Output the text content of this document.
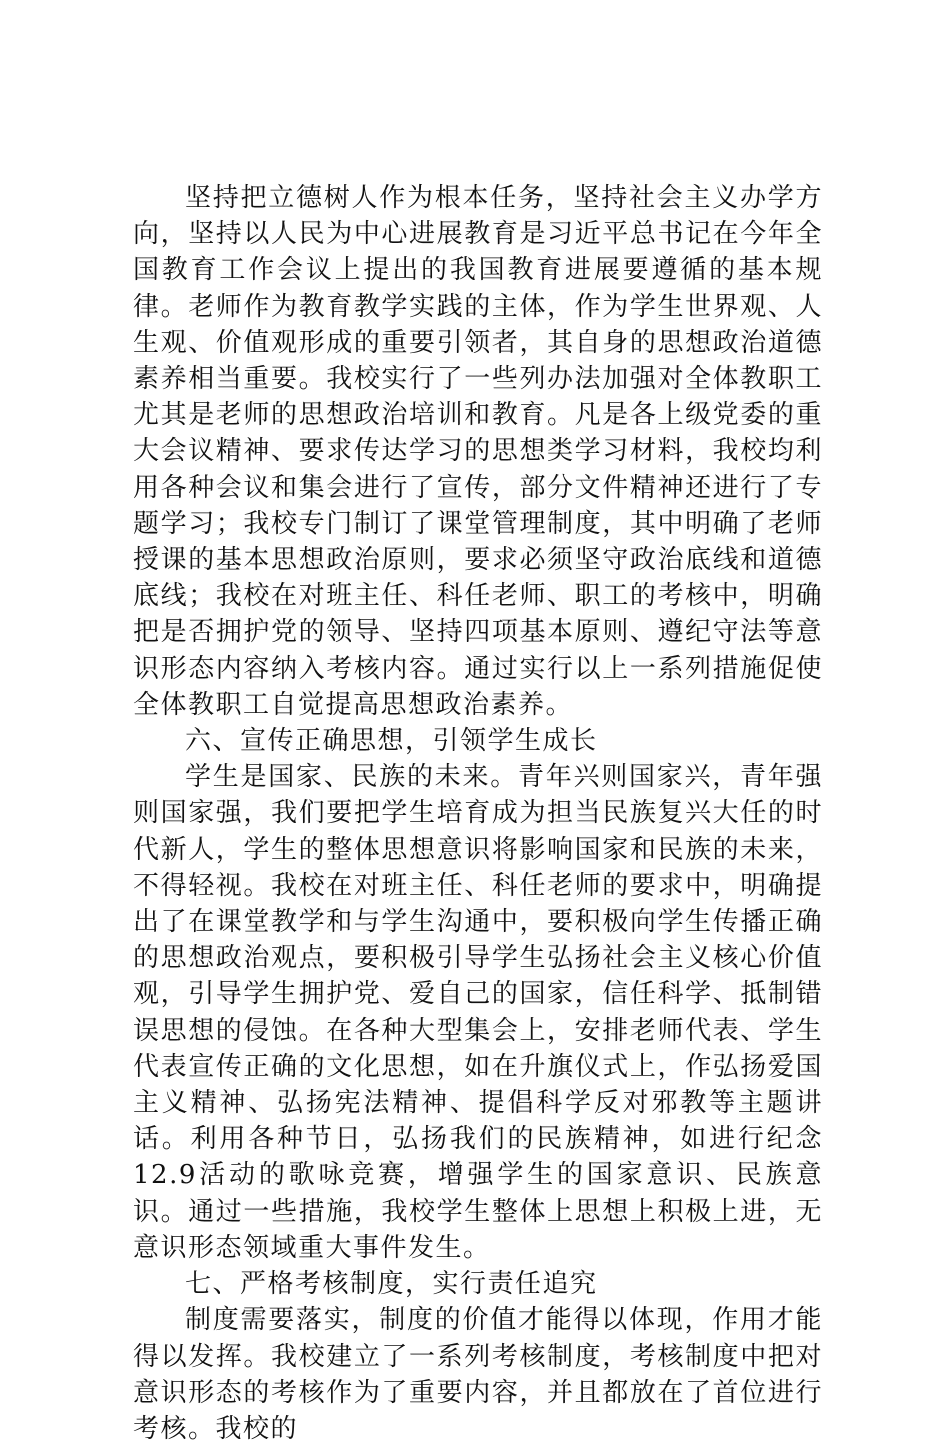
坚持把立德树人作为根本任务，坚持社会主义办学方向，坚持以人民为中心进展教育是习近平总书记在今年全国教育工作会议上提出的我国教育进展要遵循的基本规律。老师作为教育教学实践的主体，作为学生世界观、人生观、价值观形成的重要引领者，其自身的思想政治道德素养相当重要。我校实行了一些列办法加强对全体教职工尤其是老师的思想政治培训和教育。凡是各上级党委的重大会议精神、要求传达学习的思想类学习材料，我校均利用各种会议和集会进行了宣传，部分文件精神还进行了专题学习；我校专门制订了课堂管理制度，其中明确了老师授课的基本思想政治原则，要求必须坚守政治底线和道德底线；我校在对班主任、科任老师、职工的考核中，明确把是否拥护党的领导、坚持四项基本原则、遵纪守法等意识形态内容纳入考核内容。通过实行以上一系列措施促使全体教职工自觉提高思想政治素养。

六、宣传正确思想，引领学生成长

学生是国家、民族的未来。青年兴则国家兴，青年强则国家强，我们要把学生培育成为担当民族复兴大任的时代新人，学生的整体思想意识将影响国家和民族的未来，不得轻视。我校在对班主任、科任老师的要求中，明确提出了在课堂教学和与学生沟通中，要积极向学生传播正确的思想政治观点，要积极引导学生弘扬社会主义核心价值观，引导学生拥护党、爱自己的国家，信任科学、抵制错误思想的侵蚀。在各种大型集会上，安排老师代表、学生代表宣传正确的文化思想，如在升旗仪式上，作弘扬爱国主义精神、弘扬宪法精神、提倡科学反对邪教等主题讲话。利用各种节日，弘扬我们的民族精神，如进行纪念12.9活动的歌咏竞赛，增强学生的国家意识、民族意识。通过一些措施，我校学生整体上思想上积极上进，无意识形态领域重大事件发生。

七、严格考核制度，实行责任追究

制度需要落实，制度的价值才能得以体现，作用才能得以发挥。我校建立了一系列考核制度，考核制度中把对意识形态的考核作为了重要内容，并且都放在了首位进行考核。我校的
